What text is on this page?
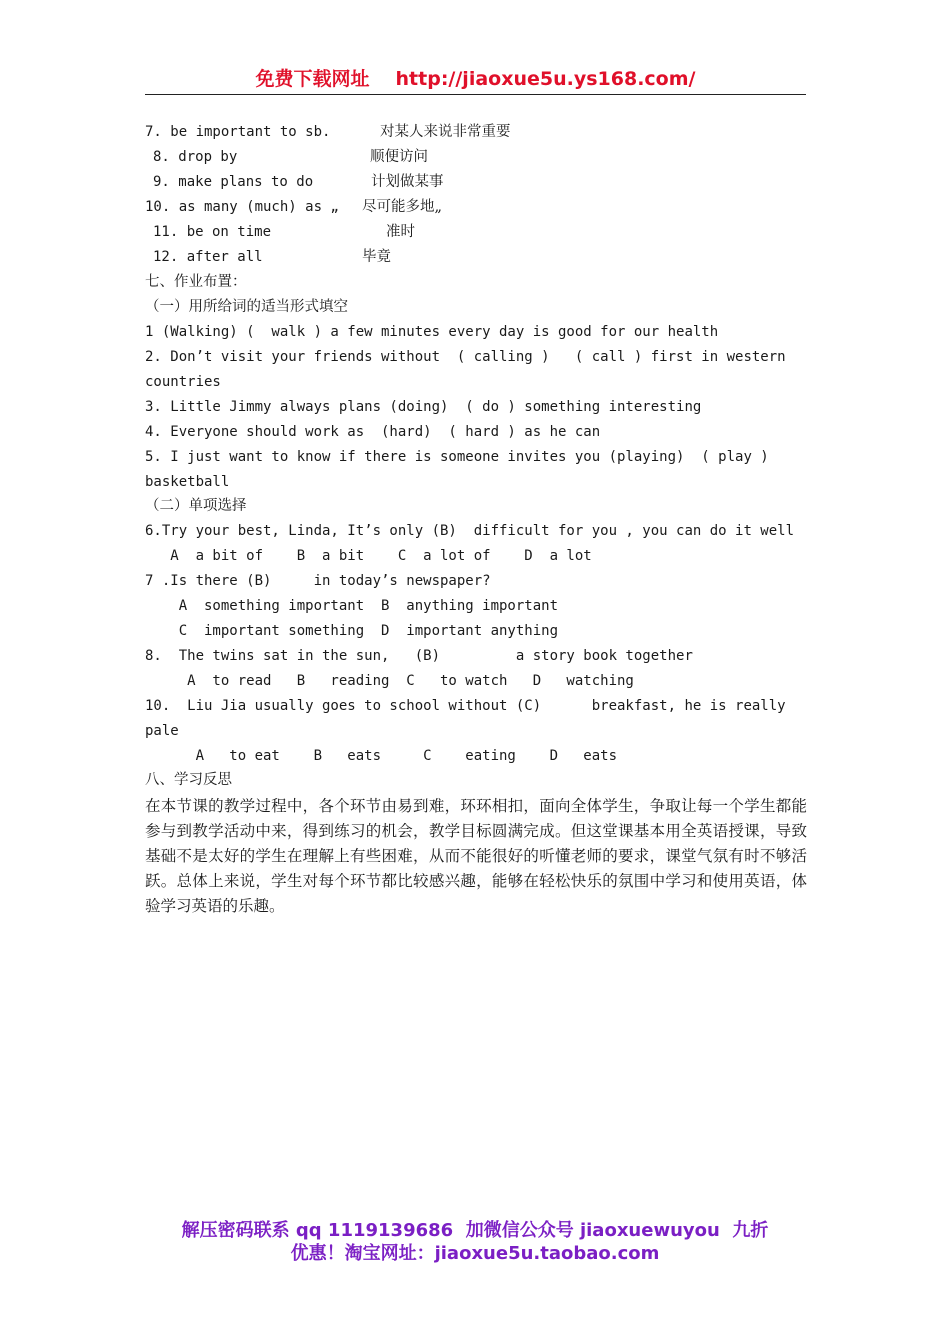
免费下载网址 http://jiaoxue5u.ys168.com/
7. be important to sb.	对某人来说非常重要
8. drop by	顺便访问
9. make plans to do	计划做某事
10. as many (much) as „ 尽可能多地„
11. be on time	准时
12. after all	毕竟
七、作业布置：
（一）用所给词的适当形式填空
1 (Walking) (  walk ) a few minutes every day is good for our health
2. Don’t visit your friends without  ( calling )   ( call ) first in western
countries
3. Little Jimmy always plans (doing)  ( do ) something interesting
4. Everyone should work as  (hard)  ( hard ) as he can
5. I just want to know if there is someone invites you (playing)  ( play )
basketball
（二）单项选择
6.Try your best, Linda, It’s only (B)  difficult for you , you can do it well
A  a bit of    B  a bit    C  a lot of    D  a lot
7 .Is there (B)     in today’s newspaper?
A  something important  B  anything important
C  important something  D  important anything
8.  The twins sat in the sun,   (B)         a story book together
A  to read   B   reading  C   to watch   D   watching
10.  Liu Jia usually goes to school without (C)      breakfast, he is really
pale
A   to eat    B   eats     C    eating    D   eats
八、学习反思
在本节课的教学过程中，各个环节由易到难，环环相扣，面向全体学生，争取让每一个学生都能参与到教学活动中来，得到练习的机会，教学目标圆满完成。但这堂课基本用全英语授课，导致基础不是太好的学生在理解上有些困难，从而不能很好的听懂老师的要求，课堂气氛有时不够活跃。总体上来说，学生对每个环节都比较感兴趣，能够在轻松快乐的氛围中学习和使用英语，体验学习英语的乐趣。
解压密码联系 qq 1119139686  加微信公众号 jiaoxuewuyou  九折
优惠！淘宝网址：jiaoxue5u.taobao.com
